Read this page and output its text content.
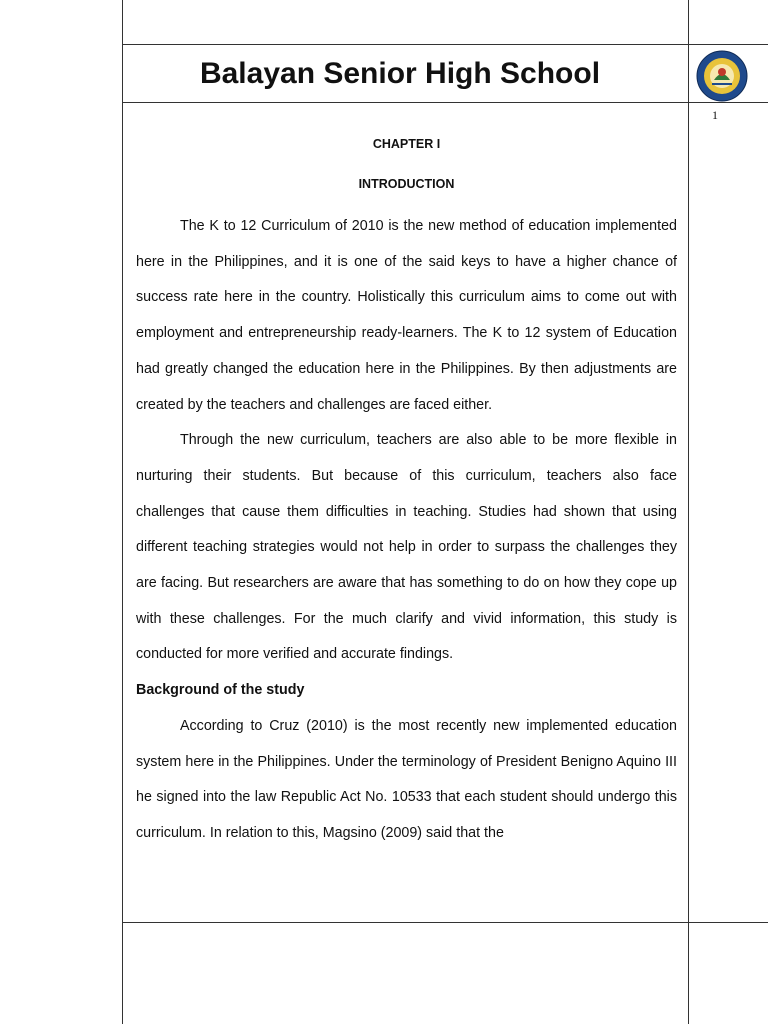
Balayan Senior High School
1
CHAPTER I
INTRODUCTION

The K to 12 Curriculum of 2010 is the new method of education implemented here in the Philippines, and it is one of the said keys to have a higher chance of success rate here in the country. Holistically this curriculum aims to come out with employment and entrepreneurship ready-learners. The K to 12 system of Education had greatly changed the education here in the Philippines. By then adjustments are created by the teachers and challenges are faced either.

Through the new curriculum, teachers are also able to be more flexible in nurturing their students. But because of this curriculum, teachers also face challenges that cause them difficulties in teaching. Studies had shown that using different teaching strategies would not help in order to surpass the challenges they are facing. But researchers are aware that has something to do on how they cope up with these challenges. For the much clarify and vivid information, this study is conducted for more verified and accurate findings.

Background of the study

According to Cruz (2010) is the most recently new implemented education system here in the Philippines. Under the terminology of President Benigno Aquino III he signed into the law Republic Act No. 10533 that each student should undergo this curriculum. In relation to this, Magsino (2009) said that the
